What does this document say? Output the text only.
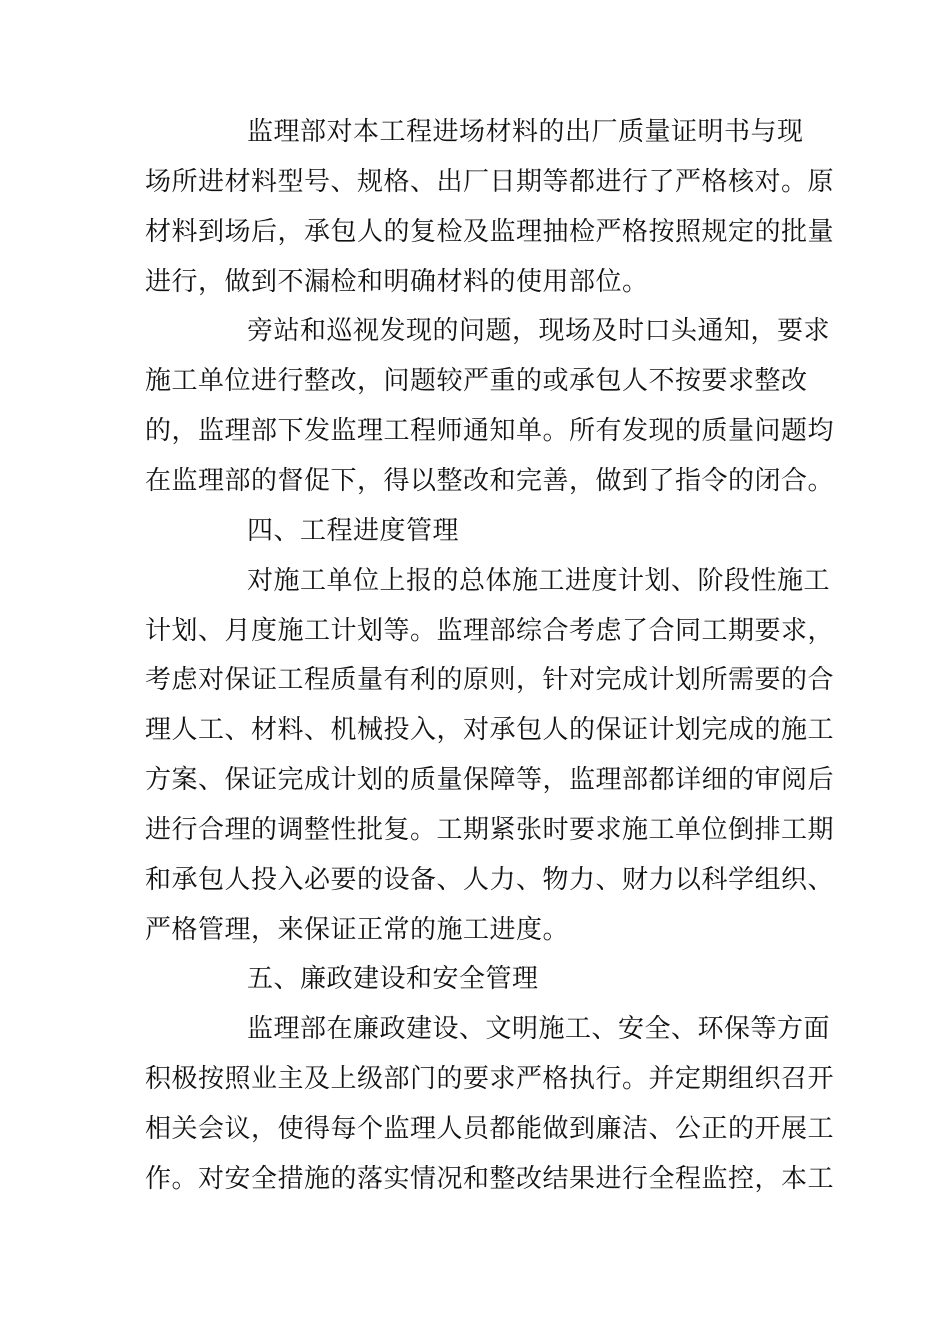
监理部对本工程进场材料的出厂质量证明书与现
场所进材料型号、规格、出厂日期等都进行了严格核对。原
材料到场后，承包人的复检及监理抽检严格按照规定的批量
进行，做到不漏检和明确材料的使用部位。
旁站和巡视发现的问题，现场及时口头通知，要求
施工单位进行整改，问题较严重的或承包人不按要求整改
的，监理部下发监理工程师通知单。所有发现的质量问题均
在监理部的督促下，得以整改和完善，做到了指令的闭合。
四、工程进度管理
对施工单位上报的总体施工进度计划、阶段性施工
计划、月度施工计划等。监理部综合考虑了合同工期要求，
考虑对保证工程质量有利的原则，针对完成计划所需要的合
理人工、材料、机械投入，对承包人的保证计划完成的施工
方案、保证完成计划的质量保障等，监理部都详细的审阅后
进行合理的调整性批复。工期紧张时要求施工单位倒排工期
和承包人投入必要的设备、人力、物力、财力以科学组织、
严格管理，来保证正常的施工进度。
五、廉政建设和安全管理
监理部在廉政建设、文明施工、安全、环保等方面
积极按照业主及上级部门的要求严格执行。并定期组织召开
相关会议，使得每个监理人员都能做到廉洁、公正的开展工
作。对安全措施的落实情况和整改结果进行全程监控，本工
